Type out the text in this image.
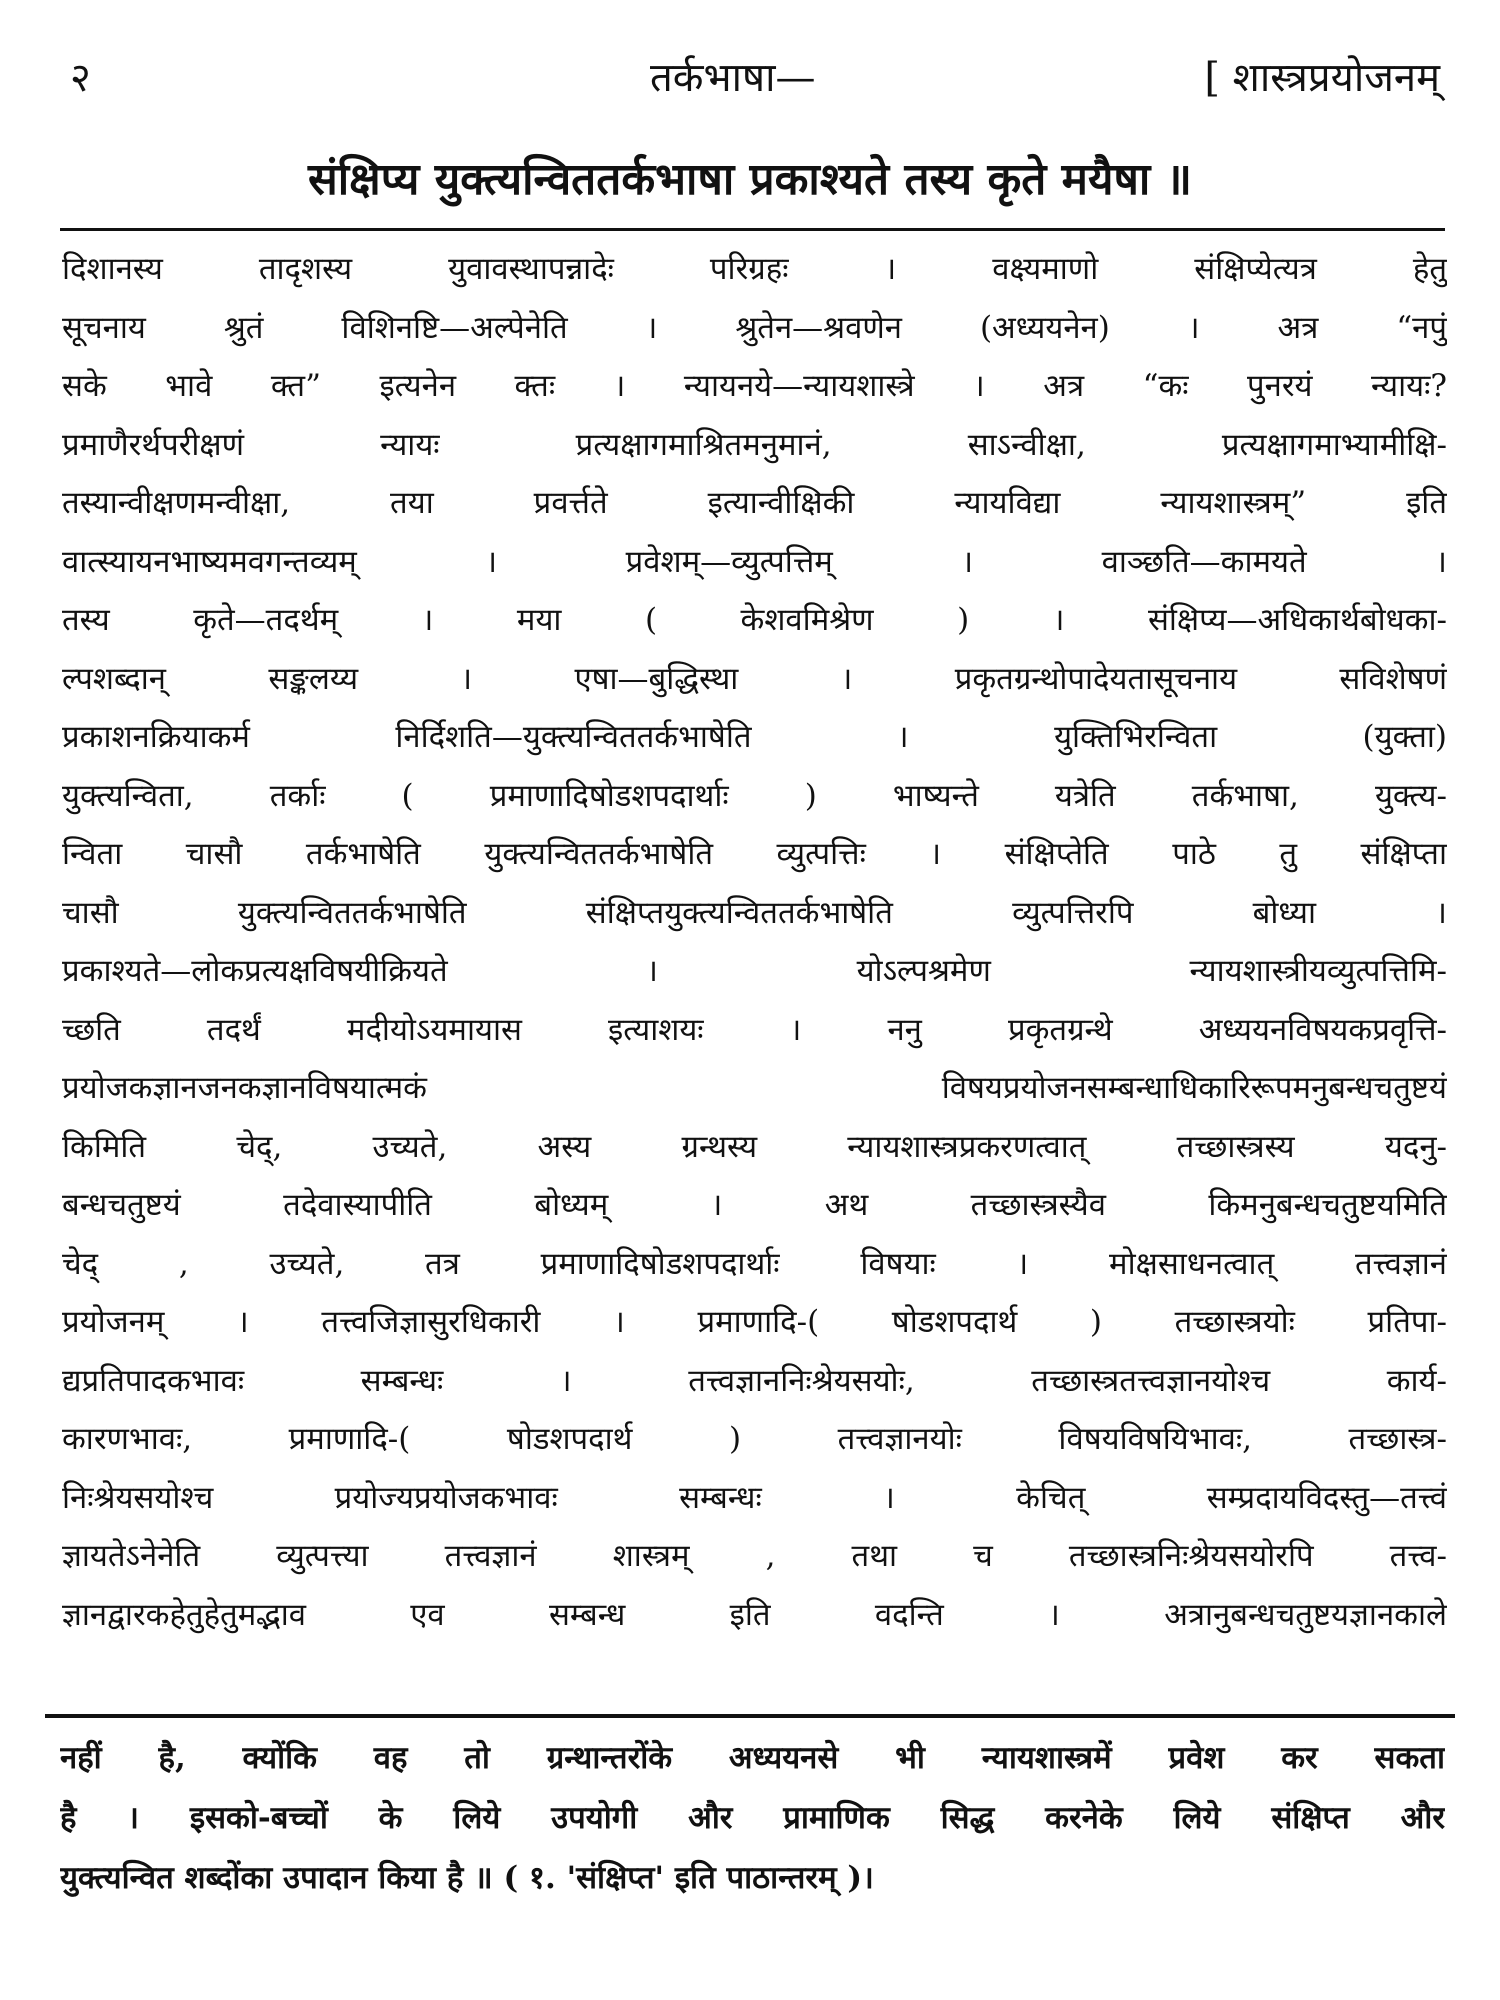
२	तर्कभाषा—	[ शास्त्रप्रयोजनम्
संक्षिप्य युक्त्यन्विततर्कभाषा प्रकाश्यते तस्य कृते मयैषा ॥
दिशानस्य तादृशस्य युवावस्थापन्नादेः परिग्रहः । वक्ष्यमाणो संक्षिप्येत्यत्र हेतु
सूचनाय श्रुतं विशिनष्टि—अल्पेनेति । श्रुतेन—श्रवणेन (अध्ययनेन) । अत्र “नपुं
सके भावे क्त” इत्यनेन क्तः । न्यायनये—न्यायशास्त्रे । अत्र “कः पुनरयं न्यायः?
प्रमाणैरर्थपरीक्षणं न्यायः प्रत्यक्षागमाश्रितमनुमानं, साऽन्वीक्षा, प्रत्यक्षागमाभ्यामीक्षि-
तस्यान्वीक्षणमन्वीक्षा, तया प्रवर्त्तते इत्यान्वीक्षिकी न्यायविद्या न्यायशास्त्रम्” इति
वात्स्यायनभाष्यमवगन्तव्यम् । प्रवेशम्—व्युत्पत्तिम् । वाञ्छति—कामयते ।
तस्य कृते—तदर्थम् । मया ( केशवमिश्रेण ) । संक्षिप्य—अधिकार्थबोधका-
ल्पशब्दान् सङ्कलय्य । एषा—बुद्धिस्था । प्रकृतग्रन्थोपादेयतासूचनाय सविशेषणं
प्रकाशनक्रियाकर्म निर्दिशति—युक्त्यन्विततर्कभाषेति । युक्तिभिरन्विता (युक्ता)
युक्त्यन्विता, तर्काः ( प्रमाणादिषोडशपदार्थाः ) भाष्यन्ते यत्रेति तर्कभाषा, युक्त्य-
न्विता चासौ तर्कभाषेति युक्त्यन्विततर्कभाषेति व्युत्पत्तिः । संक्षिप्तेति पाठे तु संक्षिप्ता
चासौ युक्त्यन्विततर्कभाषेति संक्षिप्तयुक्त्यन्विततर्कभाषेति व्युत्पत्तिरपि बोध्या ।
प्रकाश्यते—लोकप्रत्यक्षविषयीक्रियते । योऽल्पश्रमेण न्यायशास्त्रीयव्युत्पत्तिमि-
च्छति तदर्थं मदीयोऽयमायास इत्याशयः । ननु प्रकृतग्रन्थे अध्ययनविषयकप्रवृत्ति-
प्रयोजकज्ञानजनकज्ञानविषयात्मकं विषयप्रयोजनसम्बन्धाधिकारिरूपमनुबन्धचतुष्टयं
किमिति चेद्, उच्यते, अस्य ग्रन्थस्य न्यायशास्त्रप्रकरणत्वात् तच्छास्त्रस्य यदनु-
बन्धचतुष्टयं तदेवास्यापीति बोध्यम् । अथ तच्छास्त्रस्यैव किमनुबन्धचतुष्टयमिति
चेद् , उच्यते, तत्र प्रमाणादिषोडशपदार्थाः विषयाः । मोक्षसाधनत्वात् तत्त्वज्ञानं
प्रयोजनम् । तत्त्वजिज्ञासुरधिकारी । प्रमाणादि-( षोडशपदार्थ ) तच्छास्त्रयोः प्रतिपा-
द्यप्रतिपादकभावः सम्बन्धः । तत्त्वज्ञाननिःश्रेयसयोः, तच्छास्त्रतत्त्वज्ञानयोश्च कार्य-
कारणभावः, प्रमाणादि-( षोडशपदार्थ ) तत्त्वज्ञानयोः विषयविषयिभावः, तच्छास्त्र-
निःश्रेयसयोश्च प्रयोज्यप्रयोजकभावः सम्बन्धः । केचित् सम्प्रदायविदस्तु—तत्त्वं
ज्ञायतेऽनेनेति व्युत्पत्त्या तत्त्वज्ञानं शास्त्रम् , तथा च तच्छास्त्रनिःश्रेयसयोरपि तत्त्व-
ज्ञानद्वारकहेतुहेतुमद्भाव एव सम्बन्ध इति वदन्ति । अत्रानुबन्धचतुष्टयज्ञानकाले
नहीं है, क्योंकि वह तो ग्रन्थान्तरोंके अध्ययनसे भी न्यायशास्त्रमें प्रवेश कर सकता
है । इसको-बच्चों के लिये उपयोगी और प्रामाणिक सिद्ध करनेके लिये संक्षिप्त और
युक्त्यन्वित शब्दोंका उपादान किया है ॥ ( १. 'संक्षिप्त' इति पाठान्तरम् )।
